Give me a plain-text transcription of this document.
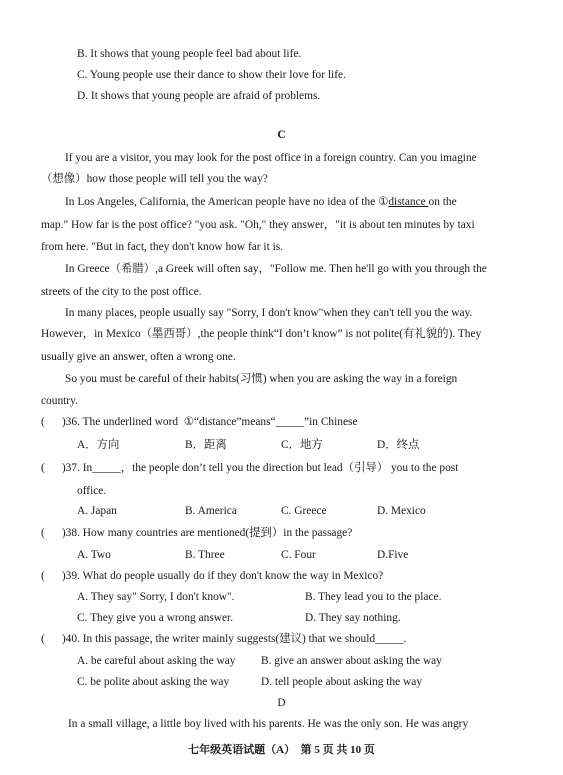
B. It shows that young people feel bad about life.
C. Young people use their dance to show their love for life.
D. It shows that young people are afraid of problems.
C
If you are a visitor, you may look for the post office in a foreign country. Can you imagine
（想像）how those people will tell you the way?
In Los Angeles, California, the American people have no idea of the ①distance on the
map." How far is the post office? "you ask. "Oh," they answer，"it is about ten minutes by taxi
from here. "But in fact, they don't know how far it is.
In Greece（希腊）,a Greek will often say，"Follow me. Then he'll go with you through the
streets of the city to the post office.
In many places, people usually say "Sorry, I don't know"when they can't tell you the way.
However，in Mexico（墨西哥）,the people think“I don’t know” is not polite(有礼貌的). They
usually give an answer, often a wrong one.
So you must be careful of their habits(习惯) when you are asking the way in a foreign
country.
(      )36. The underlined word  ①“distance”means“_____”in Chinese
A．方向	B．距离	C．地方	D．终点
(      )37. In_____，the people don’t tell you the direction but lead（引导） you to the post
office.
A. Japan	B. America	C. Greece	D. Mexico
(      )38. How many countries are mentioned(提到）in the passage?
A. Two	B. Three	C. Four	D.Five
(      )39. What do people usually do if they don't know the way in Mexico?
A. They say" Sorry, I don't know".	B. They lead you to the place.
C. They give you a wrong answer.	D. They say nothing.
(      )40. In this passage, the writer mainly suggests(建议) that we should_____.
A. be careful about asking the way B. give an answer about asking the way
C. be polite about asking the way	D. tell people about asking the way
D
In a small village, a little boy lived with his parents. He was the only son. He was angry
七年级英语试题（A）  第 5 页 共 10 页
